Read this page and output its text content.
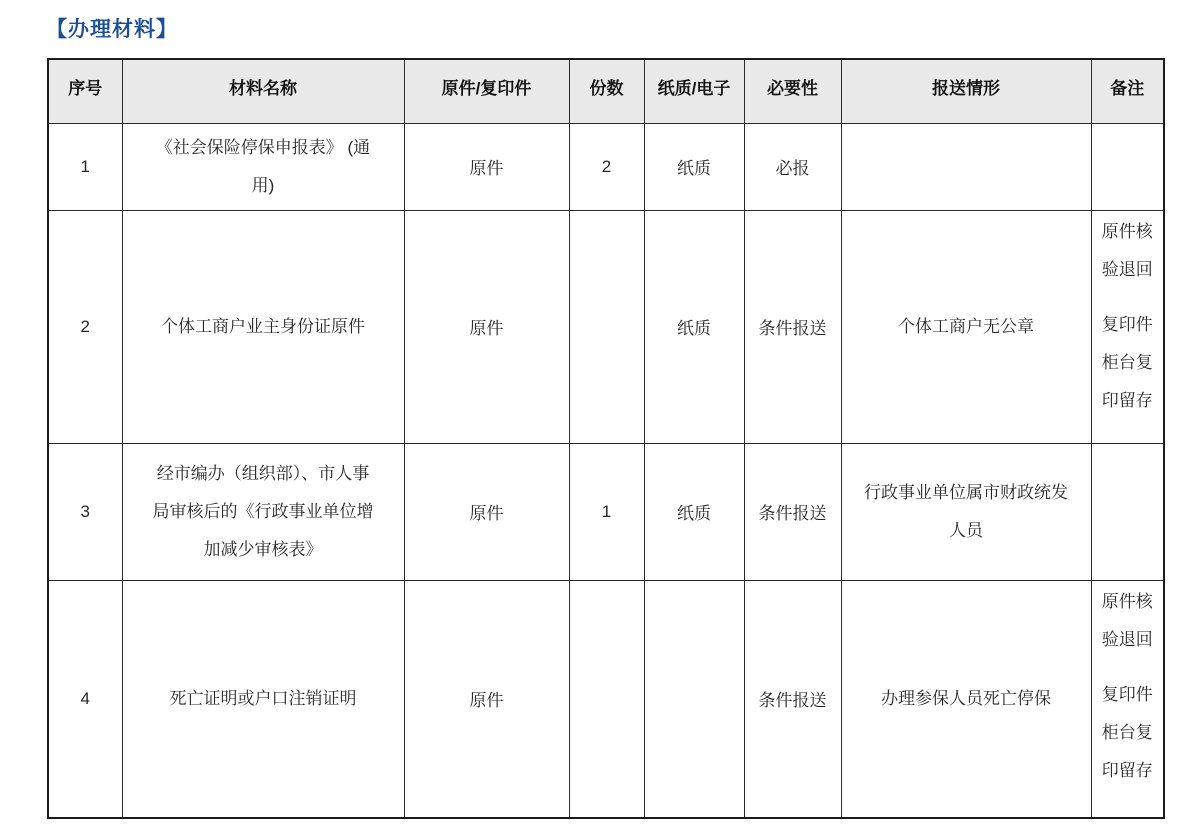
【办理材料】
序号	材料名称	原件/复印件	份数	纸质/电子	必要性	报送情形	备注
1	《社会保险停保申报表》 (通用)	原件	2	纸质	必报		

2	个体工商户业主身份证原件	原件		纸质	条件报送	个体工商户无公章	原件核验退回

复印件柜台复印留存

3	经市编办（组织部）、市人事局审核后的《行政事业单位增加减少审核表》	原件	1	纸质	条件报送	行政事业单位属市财政统发人员	

4	死亡证明或户口注销证明	原件			条件报送	办理参保人员死亡停保	原件核验退回

复印件柜台复印留存
